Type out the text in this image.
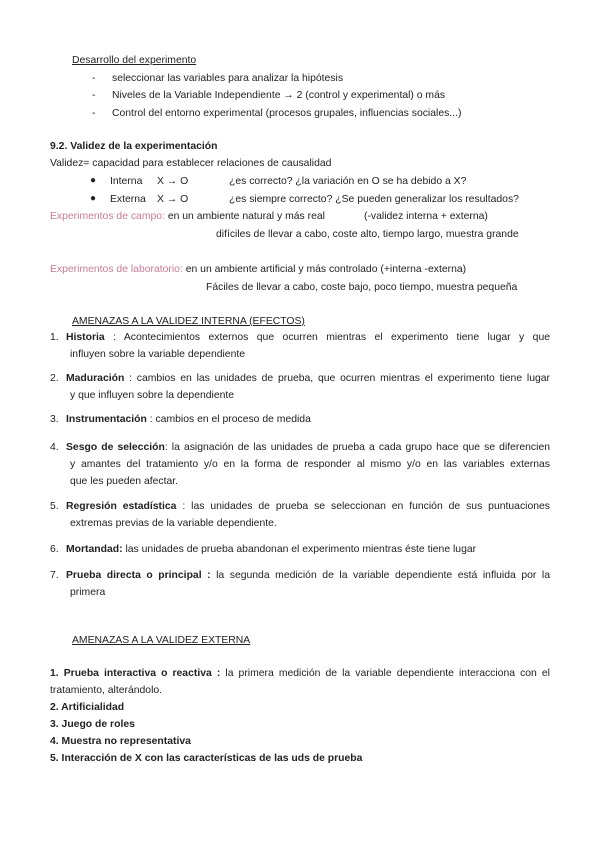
Desarrollo del experimento
- seleccionar las variables para analizar la hipótesis
- Niveles de la Variable Independiente → 2 (control y experimental) o más
- Control del entorno experimental (procesos grupales, influencias sociales...)
9.2. Validez de la experimentación
Validez= capacidad para establecer relaciones de causalidad
● Interna X → O	¿es correcto? ¿la variación en O se ha debido a X?
● Externa X → O	¿es siempre correcto? ¿Se pueden generalizar los resultados?
Experimentos de campo: en un ambiente natural y más real	(-validez interna + externa)
difíciles de llevar a cabo, coste alto, tiempo largo, muestra grande
Experimentos de laboratorio: en un ambiente artificial y más controlado (+interna -externa)
Fáciles de llevar a cabo, coste bajo, poco tiempo, muestra pequeña
AMENAZAS A LA VALIDEZ INTERNA (EFECTOS)
1. Historia : Acontecimientos externos que ocurren mientras el experimento tiene lugar y que
influyen sobre la variable dependiente
2. Maduración : cambios en las unidades de prueba, que ocurren mientras el experimento tiene lugar
y que influyen sobre la dependiente
3. Instrumentación : cambios en el proceso de medida
4. Sesgo de selección: la asignación de las unidades de prueba a cada grupo hace que se diferencien
y amantes del tratamiento y/o en la forma de responder al mismo y/o en las variables externas
que les pueden afectar.
5. Regresión estadística : las unidades de prueba se seleccionan en función de sus puntuaciones
extremas previas de la variable dependiente.
6. Mortandad: las unidades de prueba abandonan el experimento mientras éste tiene lugar
7. Prueba directa o principal : la segunda medición de la variable dependiente está influida por la
primera
AMENAZAS A LA VALIDEZ EXTERNA
1. Prueba interactiva o reactiva : la primera medición de la variable dependiente interacciona con el
tratamiento, alterándolo.
2. Artificialidad
3. Juego de roles
4. Muestra no representativa
5. Interacción de X con las características de las uds de prueba
